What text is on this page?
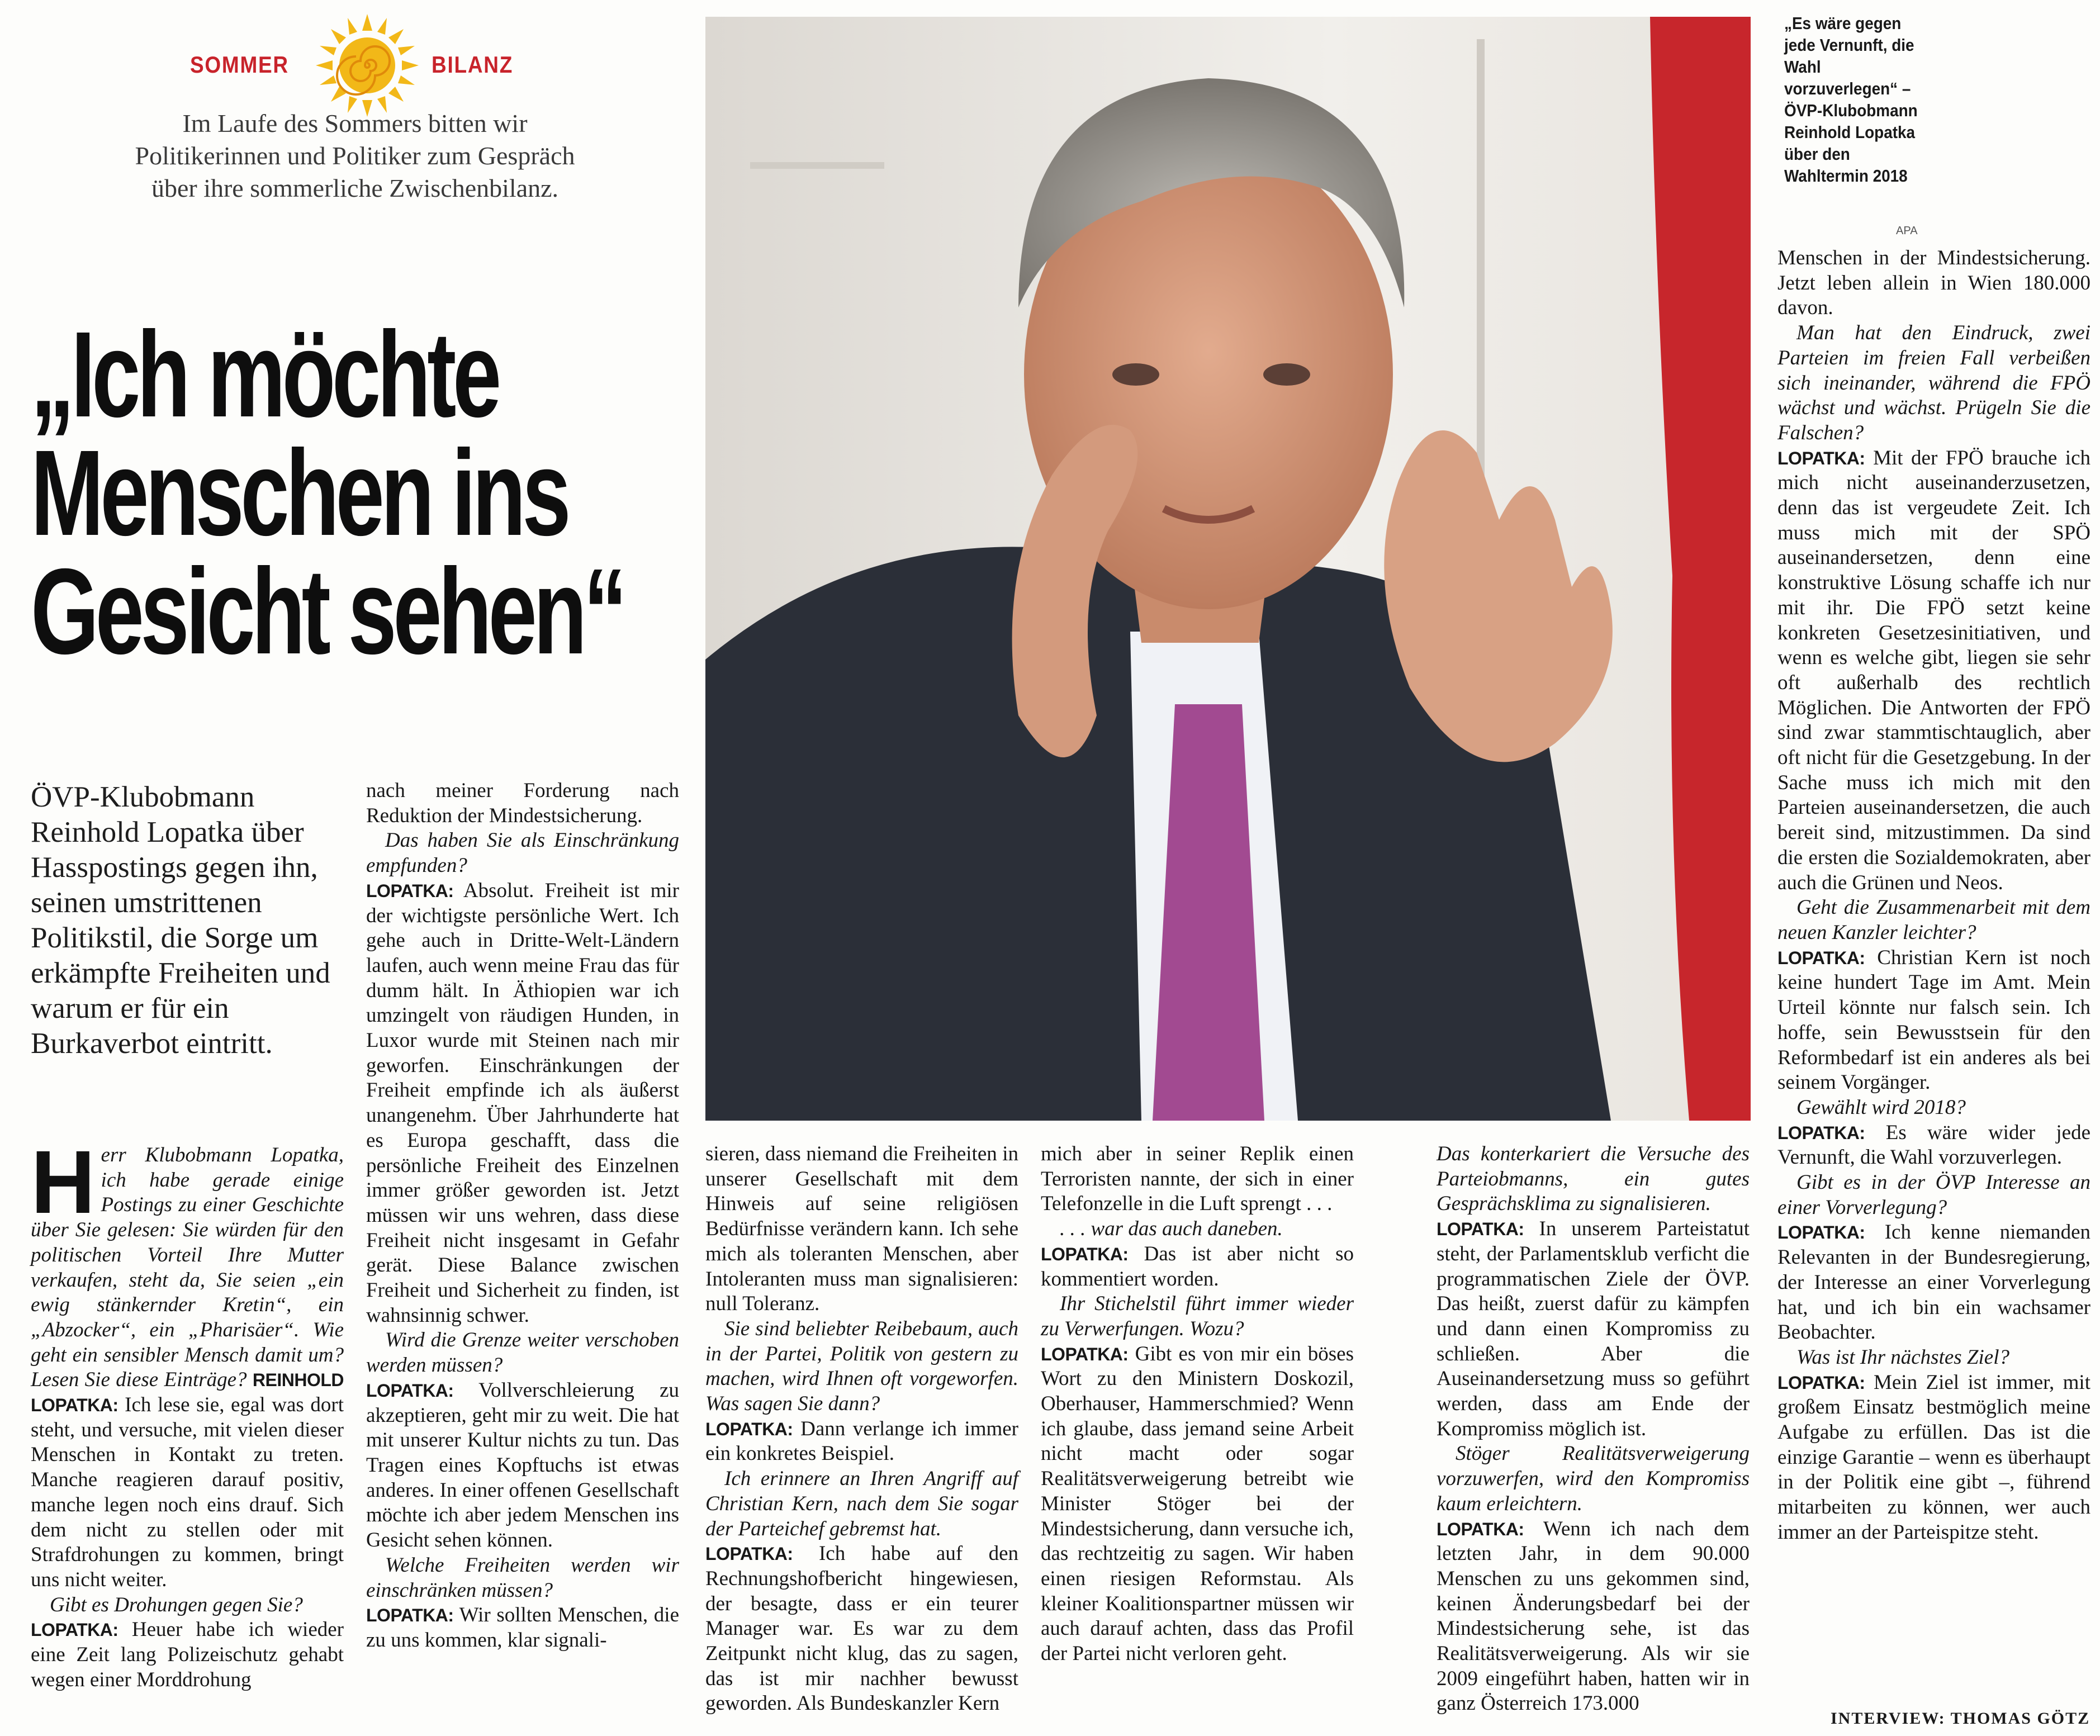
SOMMER	BILANZ
Im Laufe des Sommers bitten wir Politikerinnen und Politiker zum Gespräch über ihre sommerliche Zwischenbilanz.
„Ich möchte
Menschen ins
Gesicht sehen“
ÖVP-Klubobmann Reinhold Lopatka über Hasspostings gegen ihn, seinen umstrittenen Politikstil, die Sorge um erkämpfte Freiheiten und warum er für ein Burkaverbot eintritt.
„Es wäre gegen jede Vernunft, die Wahl vorzuverlegen“ – ÖVP-Klubobmann Reinhold Lopatka über den Wahltermin 2018
APA

H err Klubobmann Lopatka, ich habe gerade einige Postings zu einer Geschichte über Sie gelesen: Sie würden für den politischen Vorteil Ihre Mutter verkaufen, steht da, Sie seien „ein ewig stänkernder Kretin“, ein „Abzocker“, ein „Pharisäer“. Wie geht ein sensibler Mensch damit um? Lesen Sie diese Einträge? REINHOLD LOPATKA: Ich lese sie, egal was dort steht, und versuche, mit vielen dieser Menschen in Kontakt zu treten. Manche reagieren darauf positiv, manche legen noch eins drauf. Sich dem nicht zu stellen oder mit Strafdrohungen zu kommen, bringt uns nicht weiter.

Gibt es Drohungen gegen Sie?

LOPATKA: Heuer habe ich wieder eine Zeit lang Polizeischutz gehabt wegen einer Morddrohung

nach meiner Forderung nach Reduktion der Mindestsicherung.

Das haben Sie als Einschränkung empfunden?

LOPATKA: Absolut. Freiheit ist mir der wichtigste persönliche Wert. Ich gehe auch in Dritte-Welt-Ländern laufen, auch wenn meine Frau das für dumm hält. In Äthiopien war ich umzingelt von räudigen Hunden, in Luxor wurde mit Steinen nach mir geworfen. Einschränkungen der Freiheit empfinde ich als äußerst unangenehm. Über Jahrhunderte hat es Europa geschafft, dass die persönliche Freiheit des Einzelnen immer größer geworden ist. Jetzt müssen wir uns wehren, dass diese Freiheit nicht insgesamt in Gefahr gerät. Diese Balance zwischen Freiheit und Sicherheit zu finden, ist wahnsinnig schwer.

Wird die Grenze weiter verschoben werden müssen?

LOPATKA: Vollverschleierung zu akzeptieren, geht mir zu weit. Die hat mit unserer Kultur nichts zu tun. Das Tragen eines Kopftuchs ist etwas anderes. In einer offenen Gesellschaft möchte ich aber jedem Menschen ins Gesicht sehen können.

Welche Freiheiten werden wir einschränken müssen?

LOPATKA: Wir sollten Menschen, die zu uns kommen, klar signali-

sieren, dass niemand die Freiheiten in unserer Gesellschaft mit dem Hinweis auf seine religiösen Bedürfnisse verändern kann. Ich sehe mich als toleranten Menschen, aber Intoleranten muss man signalisieren: null Toleranz.

Sie sind beliebter Reibebaum, auch in der Partei, Politik von gestern zu machen, wird Ihnen oft vorgeworfen. Was sagen Sie dann?

LOPATKA: Dann verlange ich immer ein konkretes Beispiel.

Ich erinnere an Ihren Angriff auf Christian Kern, nach dem Sie sogar der Parteichef gebremst hat.

LOPATKA: Ich habe auf den Rechnungshofbericht hingewiesen, der besagte, dass er ein teurer Manager war. Es war zu dem Zeitpunkt nicht klug, das zu sagen, das ist mir nachher bewusst geworden. Als Bundeskanzler Kern

mich aber in seiner Replik einen Terroristen nannte, der sich in einer Telefonzelle in die Luft sprengt . . .

. . . war das auch daneben.

LOPATKA: Das ist aber nicht so kommentiert worden.

Ihr Stichelstil führt immer wieder zu Verwerfungen. Wozu?

LOPATKA: Gibt es von mir ein böses Wort zu den Ministern Doskozil, Oberhauser, Hammerschmied? Wenn ich glaube, dass jemand seine Arbeit nicht macht oder sogar Realitätsverweigerung betreibt wie Minister Stöger bei der Mindestsicherung, dann versuche ich, das rechtzeitig zu sagen. Wir haben einen riesigen Reformstau. Als kleiner Koalitionspartner müssen wir auch darauf achten, dass das Profil der Partei nicht verloren geht.

Das konterkariert die Versuche des Parteiobmanns, ein gutes Gesprächsklima zu signalisieren.

LOPATKA: In unserem Parteistatut steht, der Parlamentsklub verficht die programmatischen Ziele der ÖVP. Das heißt, zuerst dafür zu kämpfen und dann einen Kompromiss zu schließen. Aber die Auseinandersetzung muss so geführt werden, dass am Ende der Kompromiss möglich ist.

Stöger Realitätsverweigerung vorzuwerfen, wird den Kompromiss kaum erleichtern.

LOPATKA: Wenn ich nach dem letzten Jahr, in dem 90.000 Menschen zu uns gekommen sind, keinen Änderungsbedarf bei der Mindestsicherung sehe, ist das Realitätsverweigerung. Als wir sie 2009 eingeführt haben, hatten wir in ganz Österreich 173.000

Menschen in der Mindestsicherung. Jetzt leben allein in Wien 180.000 davon.

Man hat den Eindruck, zwei Parteien im freien Fall verbeißen sich ineinander, während die FPÖ wächst und wächst. Prügeln Sie die Falschen?

LOPATKA: Mit der FPÖ brauche ich mich nicht auseinanderzusetzen, denn das ist vergeudete Zeit. Ich muss mich mit der SPÖ auseinandersetzen, denn eine konstruktive Lösung schaffe ich nur mit ihr. Die FPÖ setzt keine konkreten Gesetzesinitiativen, und wenn es welche gibt, liegen sie sehr oft außerhalb des rechtlich Möglichen. Die Antworten der FPÖ sind zwar stammtischtauglich, aber oft nicht für die Gesetzgebung. In der Sache muss ich mich mit den Parteien auseinandersetzen, die auch bereit sind, mitzustimmen. Da sind die ersten die Sozialdemokraten, aber auch die Grünen und Neos.

Geht die Zusammenarbeit mit dem neuen Kanzler leichter?

LOPATKA: Christian Kern ist noch keine hundert Tage im Amt. Mein Urteil könnte nur falsch sein. Ich hoffe, sein Bewusstsein für den Reformbedarf ist ein anderes als bei seinem Vorgänger.

Gewählt wird 2018?

LOPATKA: Es wäre wider jede Vernunft, die Wahl vorzuverlegen.

Gibt es in der ÖVP Interesse an einer Vorverlegung?

LOPATKA: Ich kenne niemanden Relevanten in der Bundesregierung, der Interesse an einer Vorverlegung hat, und ich bin ein wachsamer Beobachter.

Was ist Ihr nächstes Ziel?

LOPATKA: Mein Ziel ist immer, mit großem Einsatz bestmöglich meine Aufgabe zu erfüllen. Das ist die einzige Garantie – wenn es überhaupt in der Politik eine gibt –, führend mitarbeiten zu können, wer auch immer an der Parteispitze steht.

INTERVIEW: THOMAS GÖTZ
